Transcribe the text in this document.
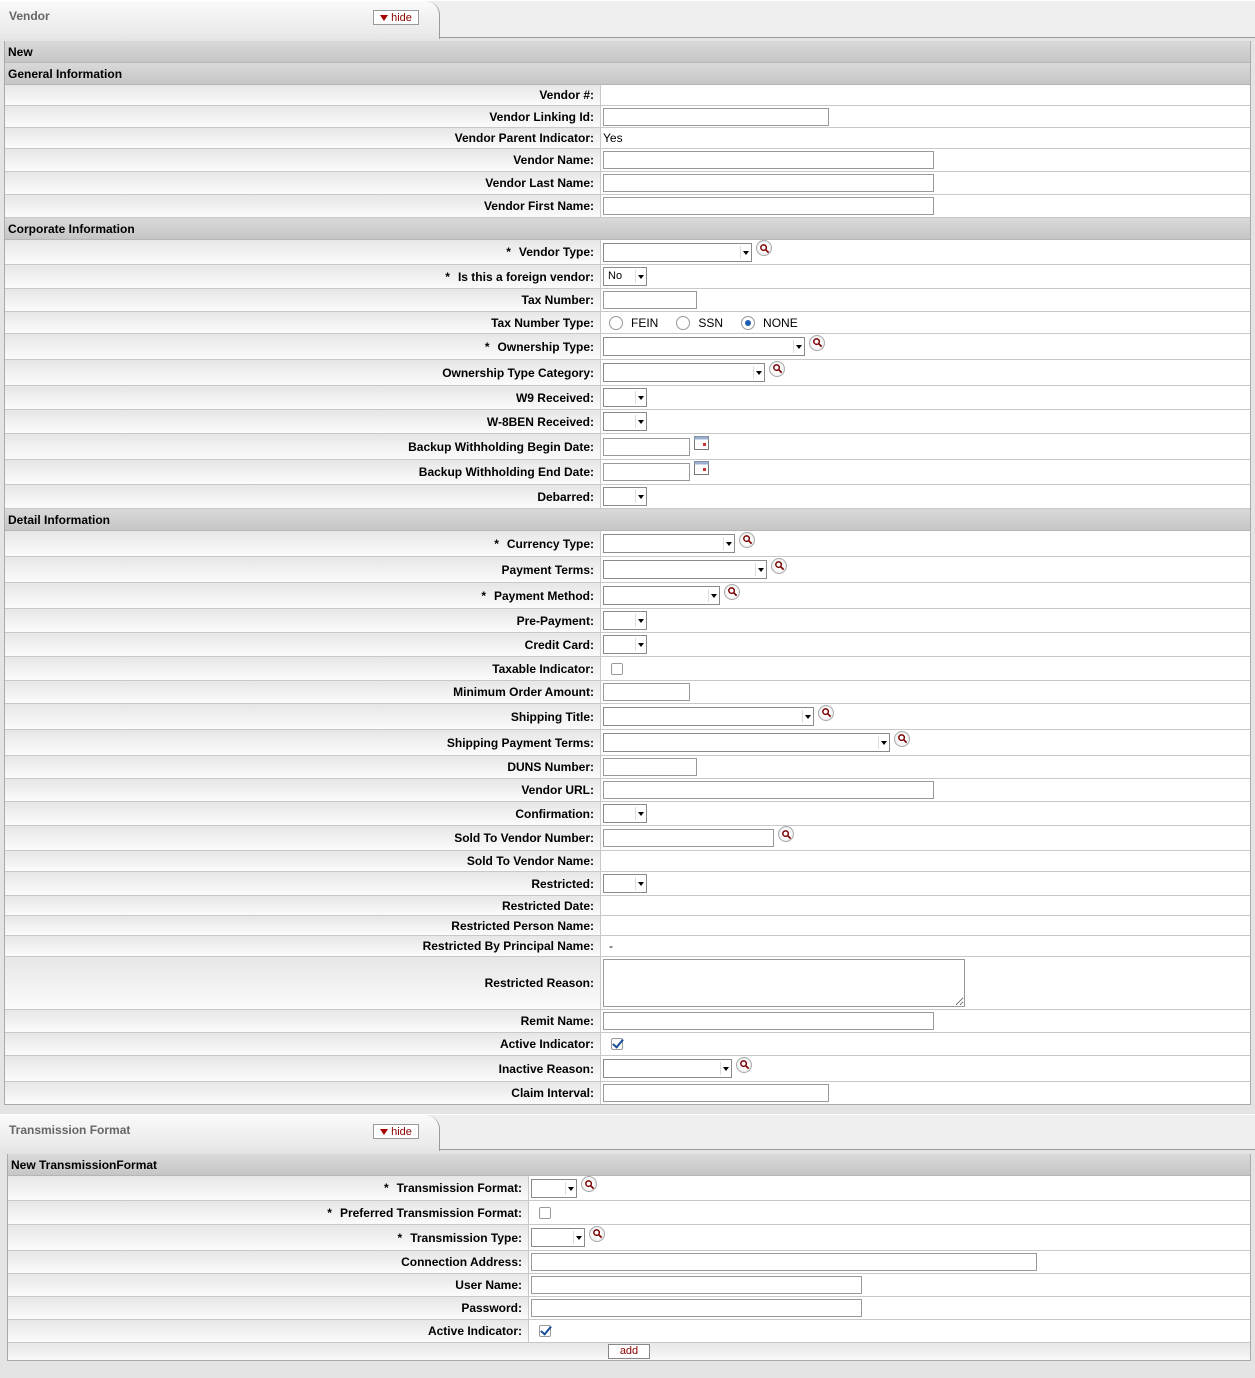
Vendor	hide
New
General Information
Vendor #:
Vendor Linking Id:
Vendor Parent Indicator: Yes
Vendor Name:
Vendor Last Name:
Vendor First Name:
Corporate Information
* Vendor Type:
* Is this a foreign vendor:	No
Tax Number:
Tax Number Type:	FEIN	SSN	NONE
* Ownership Type:
Ownership Type Category:
W9 Received:
W-8BEN Received:
Backup Withholding Begin Date:
Backup Withholding End Date:
Debarred:
Detail Information
* Currency Type:
Payment Terms:
* Payment Method:
Pre-Payment:
Credit Card:
Taxable Indicator:
Minimum Order Amount:
Shipping Title:
Shipping Payment Terms:
DUNS Number:
Vendor URL:
Confirmation:
Sold To Vendor Number:
Sold To Vendor Name:
Restricted:
Restricted Date:
Restricted Person Name:
Restricted By Principal Name:	-
Restricted Reason:
Remit Name:
Active Indicator:
Inactive Reason:
Claim Interval:
Transmission Format	hide
New TransmissionFormat
* Transmission Format:
* Preferred Transmission Format:
* Transmission Type:
Connection Address:
User Name:
Password:
Active Indicator:
add
